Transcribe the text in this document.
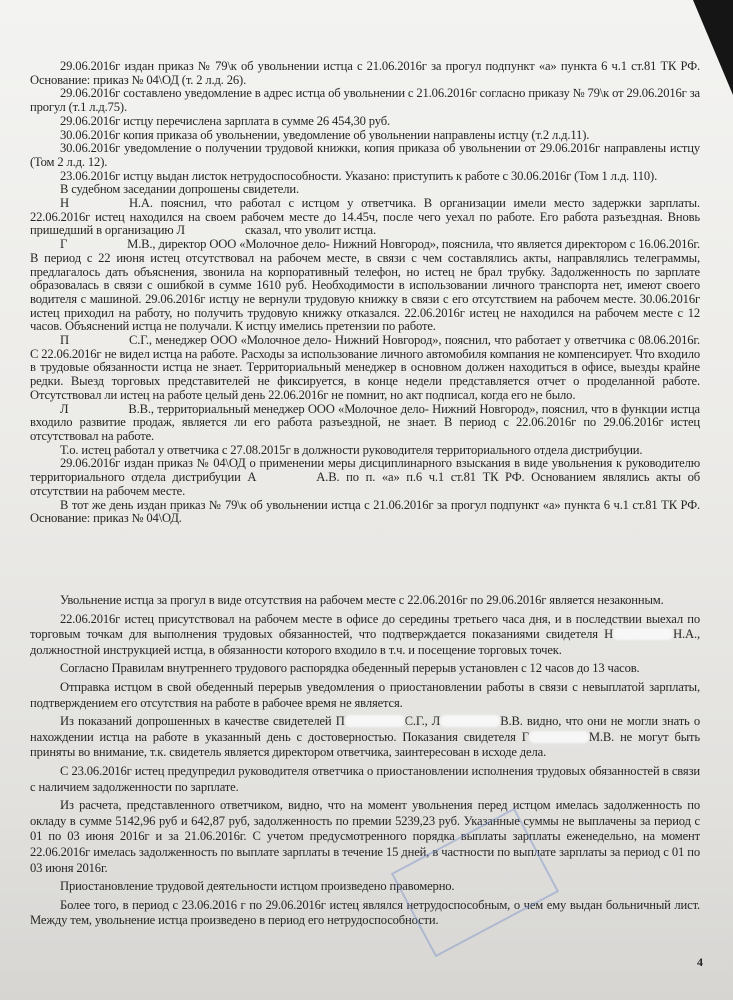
29.06.2016г издан приказ № 79\к об увольнении истца с 21.06.2016г за прогул подпункт «а» пункта 6 ч.1 ст.81 ТК РФ. Основание: приказ № 04\ОД (т. 2 л.д. 26).

29.06.2016г составлено уведомление в адрес истца об увольнении с 21.06.2016г согласно приказу № 79\к от 29.06.2016г за прогул (т.1 л.д.75).

29.06.2016г истцу перечислена зарплата в сумме 26 454,30 руб.

30.06.2016г копия приказа об увольнении, уведомление об увольнении направлены истцу (т.2 л.д.11).

30.06.2016г уведомление о получении трудовой книжки, копия приказа об увольнении от 29.06.2016г направлены истцу (Том 2 л.д. 12).

23.06.2016г истцу выдан листок нетрудоспособности. Указано: приступить к работе с 30.06.2016г (Том 1 л.д. 110).

В судебном заседании допрошены свидетели.

Н	Н.А. пояснил, что работал с истцом у ответчика. В организации имели место задержки зарплаты. 22.06.2016г истец находился на своем рабочем месте до 14.45ч, после чего уехал по работе. Его работа разъездная. Вновь пришедший в организацию Л	сказал, что уволит истца.

Г	М.В., директор ООО «Молочное дело- Нижний Новгород», пояснила, что является директором с 16.06.2016г. В период с 22 июня истец отсутствовал на рабочем месте, в связи с чем составлялись акты, направлялись телеграммы, предлагалось дать объяснения, звонила на корпоративный телефон, но истец не брал трубку. Задолженность по зарплате образовалась в связи с ошибкой в сумме 1610 руб. Необходимости в использовании личного транспорта нет, имеют своего водителя с машиной. 29.06.2016г истцу не вернули трудовую книжку в связи с его отсутствием на рабочем месте. 30.06.2016г истец приходил на работу, но получить трудовую книжку отказался. 22.06.2016г истец не находился на рабочем месте с 12 часов. Объяснений истца не получали. К истцу имелись претензии по работе.

П	С.Г., менеджер ООО «Молочное дело- Нижний Новгород», пояснил, что работает у ответчика с 08.06.2016г. С 22.06.2016г не видел истца на работе. Расходы за использование личного автомобиля компания не компенсирует. Что входило в трудовые обязанности истца не знает. Территориальный менеджер в основном должен находиться в офисе, выезды крайне редки. Выезд торговых представителей не фиксируется, в конце недели представляется отчет о проделанной работе. Отсутствовал ли истец на работе целый день 22.06.2016г не помнит, но акт подписал, когда его не было.

Л	В.В., территориальный менеджер ООО «Молочное дело- Нижний Новгород», пояснил, что в функции истца входило развитие продаж, является ли его работа разъездной, не знает. В период с 22.06.2016г по 29.06.2016г истец отсутствовал на работе.

Т.о. истец работал у ответчика с 27.08.2015г в должности руководителя территориального отдела дистрибуции.

29.06.2016г издан приказ № 04\ОД о применении меры дисциплинарного взыскания в виде увольнения к руководителю территориального отдела дистрибуции А	А.В. по п. «а» п.6 ч.1 ст.81 ТК РФ. Основанием являлись акты об отсутствии на рабочем месте.

В тот же день издан приказ № 79\к об увольнении истца с 21.06.2016г за прогул подпункт «а» пункта 6 ч.1 ст.81 ТК РФ. Основание: приказ № 04\ОД.

Увольнение истца за прогул в виде отсутствия на рабочем месте с 22.06.2016г по 29.06.2016г является незаконным.

22.06.2016г истец присутствовал на рабочем месте в офисе до середины третьего часа дня, и в последствии выехал по торговым точкам для выполнения трудовых обязанностей, что подтверждается показаниями свидетеля Н	Н.А., должностной инструкцией истца, в обязанности которого входило в т.ч. и посещение торговых точек.

Согласно Правилам внутреннего трудового распорядка обеденный перерыв установлен с 12 часов до 13 часов.

Отправка истцом в свой обеденный перерыв уведомления о приостановлении работы в связи с невыплатой зарплаты, подтверждением его отсутствия на работе в рабочее время не является.

Из показаний допрошенных в качестве свидетелей П	С.Г., Л	В.В. видно, что они не могли знать о нахождении истца на работе в указанный день с достоверностью. Показания свидетеля Г	М.В. не могут быть приняты во внимание, т.к. свидетель является директором ответчика, заинтересован в исходе дела.

С 23.06.2016г истец предупредил руководителя ответчика о приостановлении исполнения трудовых обязанностей в связи с наличием задолженности по зарплате.

Из расчета, представленного ответчиком, видно, что на момент увольнения перед истцом имелась задолженность по окладу в сумме 5142,96 руб и 642,87 руб, задолженность по премии 5239,23 руб. Указанные суммы не выплачены за период с 01 по 03 июня 2016г и за 21.06.2016г. С учетом предусмотренного порядка выплаты зарплаты еженедельно, на момент 22.06.2016г имелась задолженность по выплате зарплаты в течение 15 дней, в частности по выплате зарплаты за период с 01 по 03 июня 2016г.

Приостановление трудовой деятельности истцом произведено правомерно.

Более того, в период с 23.06.2016 г по 29.06.2016г истец являлся нетрудоспособным, о чем ему выдан больничный лист. Между тем, увольнение истца произведено в период его нетрудоспособности.

4
